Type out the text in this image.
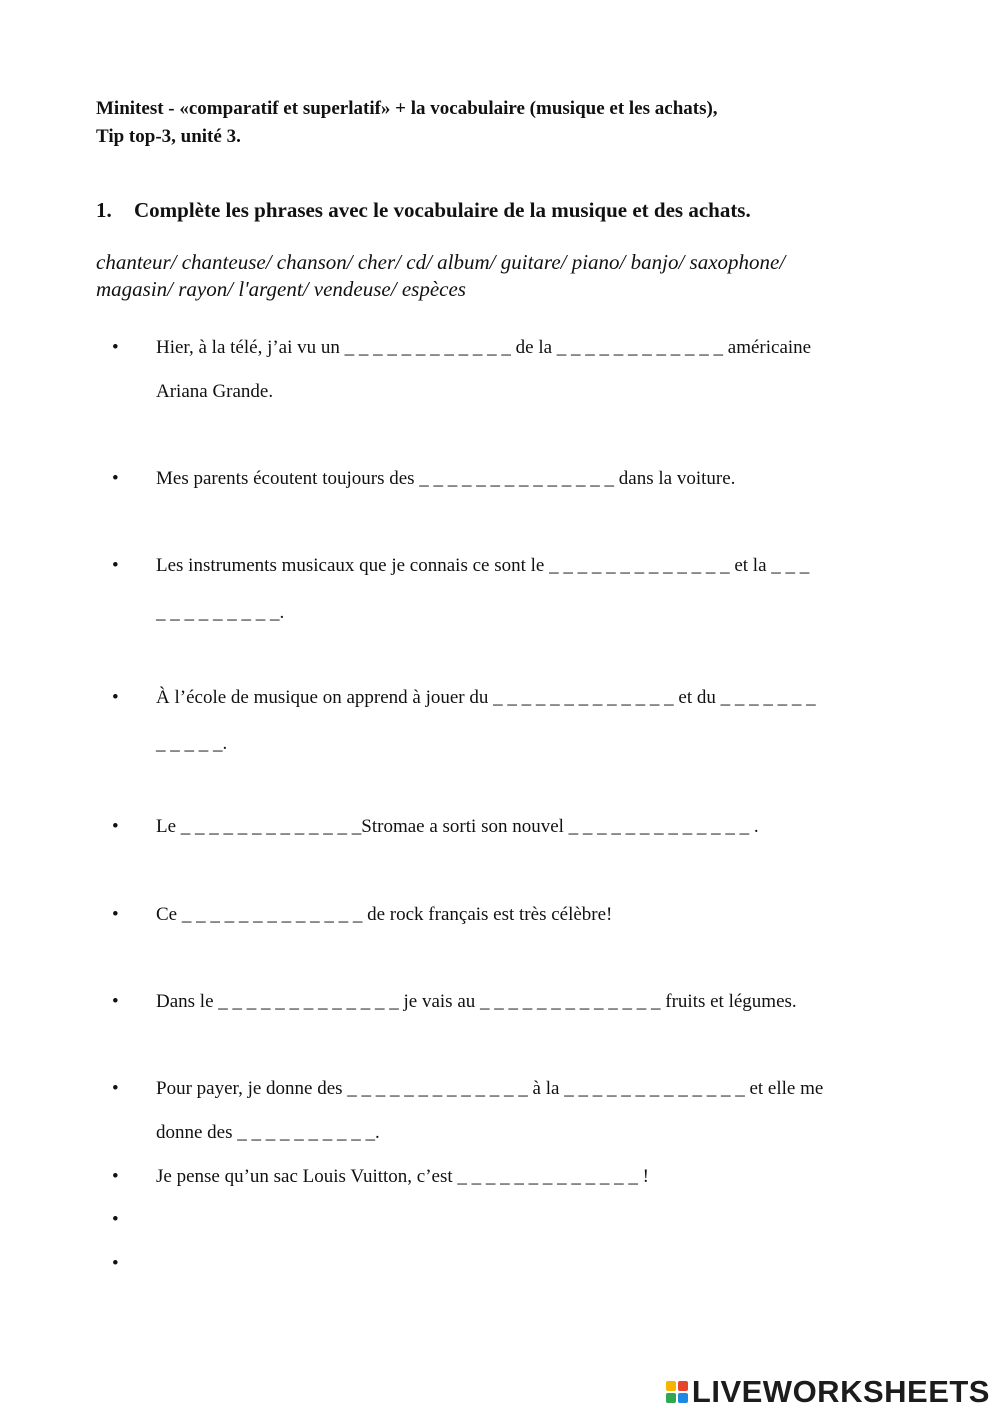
Minitest - «comparatif et superlatif» + la vocabulaire (musique et les achats),
Tip top-3, unité 3.
1. Complète les phrases avec le vocabulaire de la musique et des achats.
chanteur/ chanteuse/ chanson/ cher/ cd/ album/ guitare/ piano/ banjo/ saxophone/
magasin/ rayon/ l'argent/ vendeuse/ espèces
• Hier, à la télé, j’ai vu un _ _ _ _ _ _ _ _ _ _ _ _ de la _ _ _ _ _ _ _ _ _ _ _ _ américaine
Ariana Grande.
• Mes parents écoutent toujours des _ _ _ _ _ _ _ _ _ _ _ _ _ _ dans la voiture.
• Les instruments musicaux que je connais ce sont le _ _ _ _ _ _ _ _ _ _ _ _ _ et la _ _ _
_ _ _ _ _ _ _ _ _.
• À l’école de musique on apprend à jouer du _ _ _ _ _ _ _ _ _ _ _ _ _ et du _ _ _ _ _ _ _
_ _ _ _ _.
• Le _ _ _ _ _ _ _ _ _ _ _ _ _Stromae a sorti son nouvel _ _ _ _ _ _ _ _ _ _ _ _ _ .
• Ce _ _ _ _ _ _ _ _ _ _ _ _ _ de rock français est très célèbre!
• Dans le _ _ _ _ _ _ _ _ _ _ _ _ _ je vais au _ _ _ _ _ _ _ _ _ _ _ _ _ fruits et légumes.
• Pour payer, je donne des _ _ _ _ _ _ _ _ _ _ _ _ _ à la _ _ _ _ _ _ _ _ _ _ _ _ _ et elle me
donne des _ _ _ _ _ _ _ _ _ _.
• Je pense qu’un sac Louis Vuitton, c’est _ _ _ _ _ _ _ _ _ _ _ _ _ !
•
•
LIVEWORKSHEETS
